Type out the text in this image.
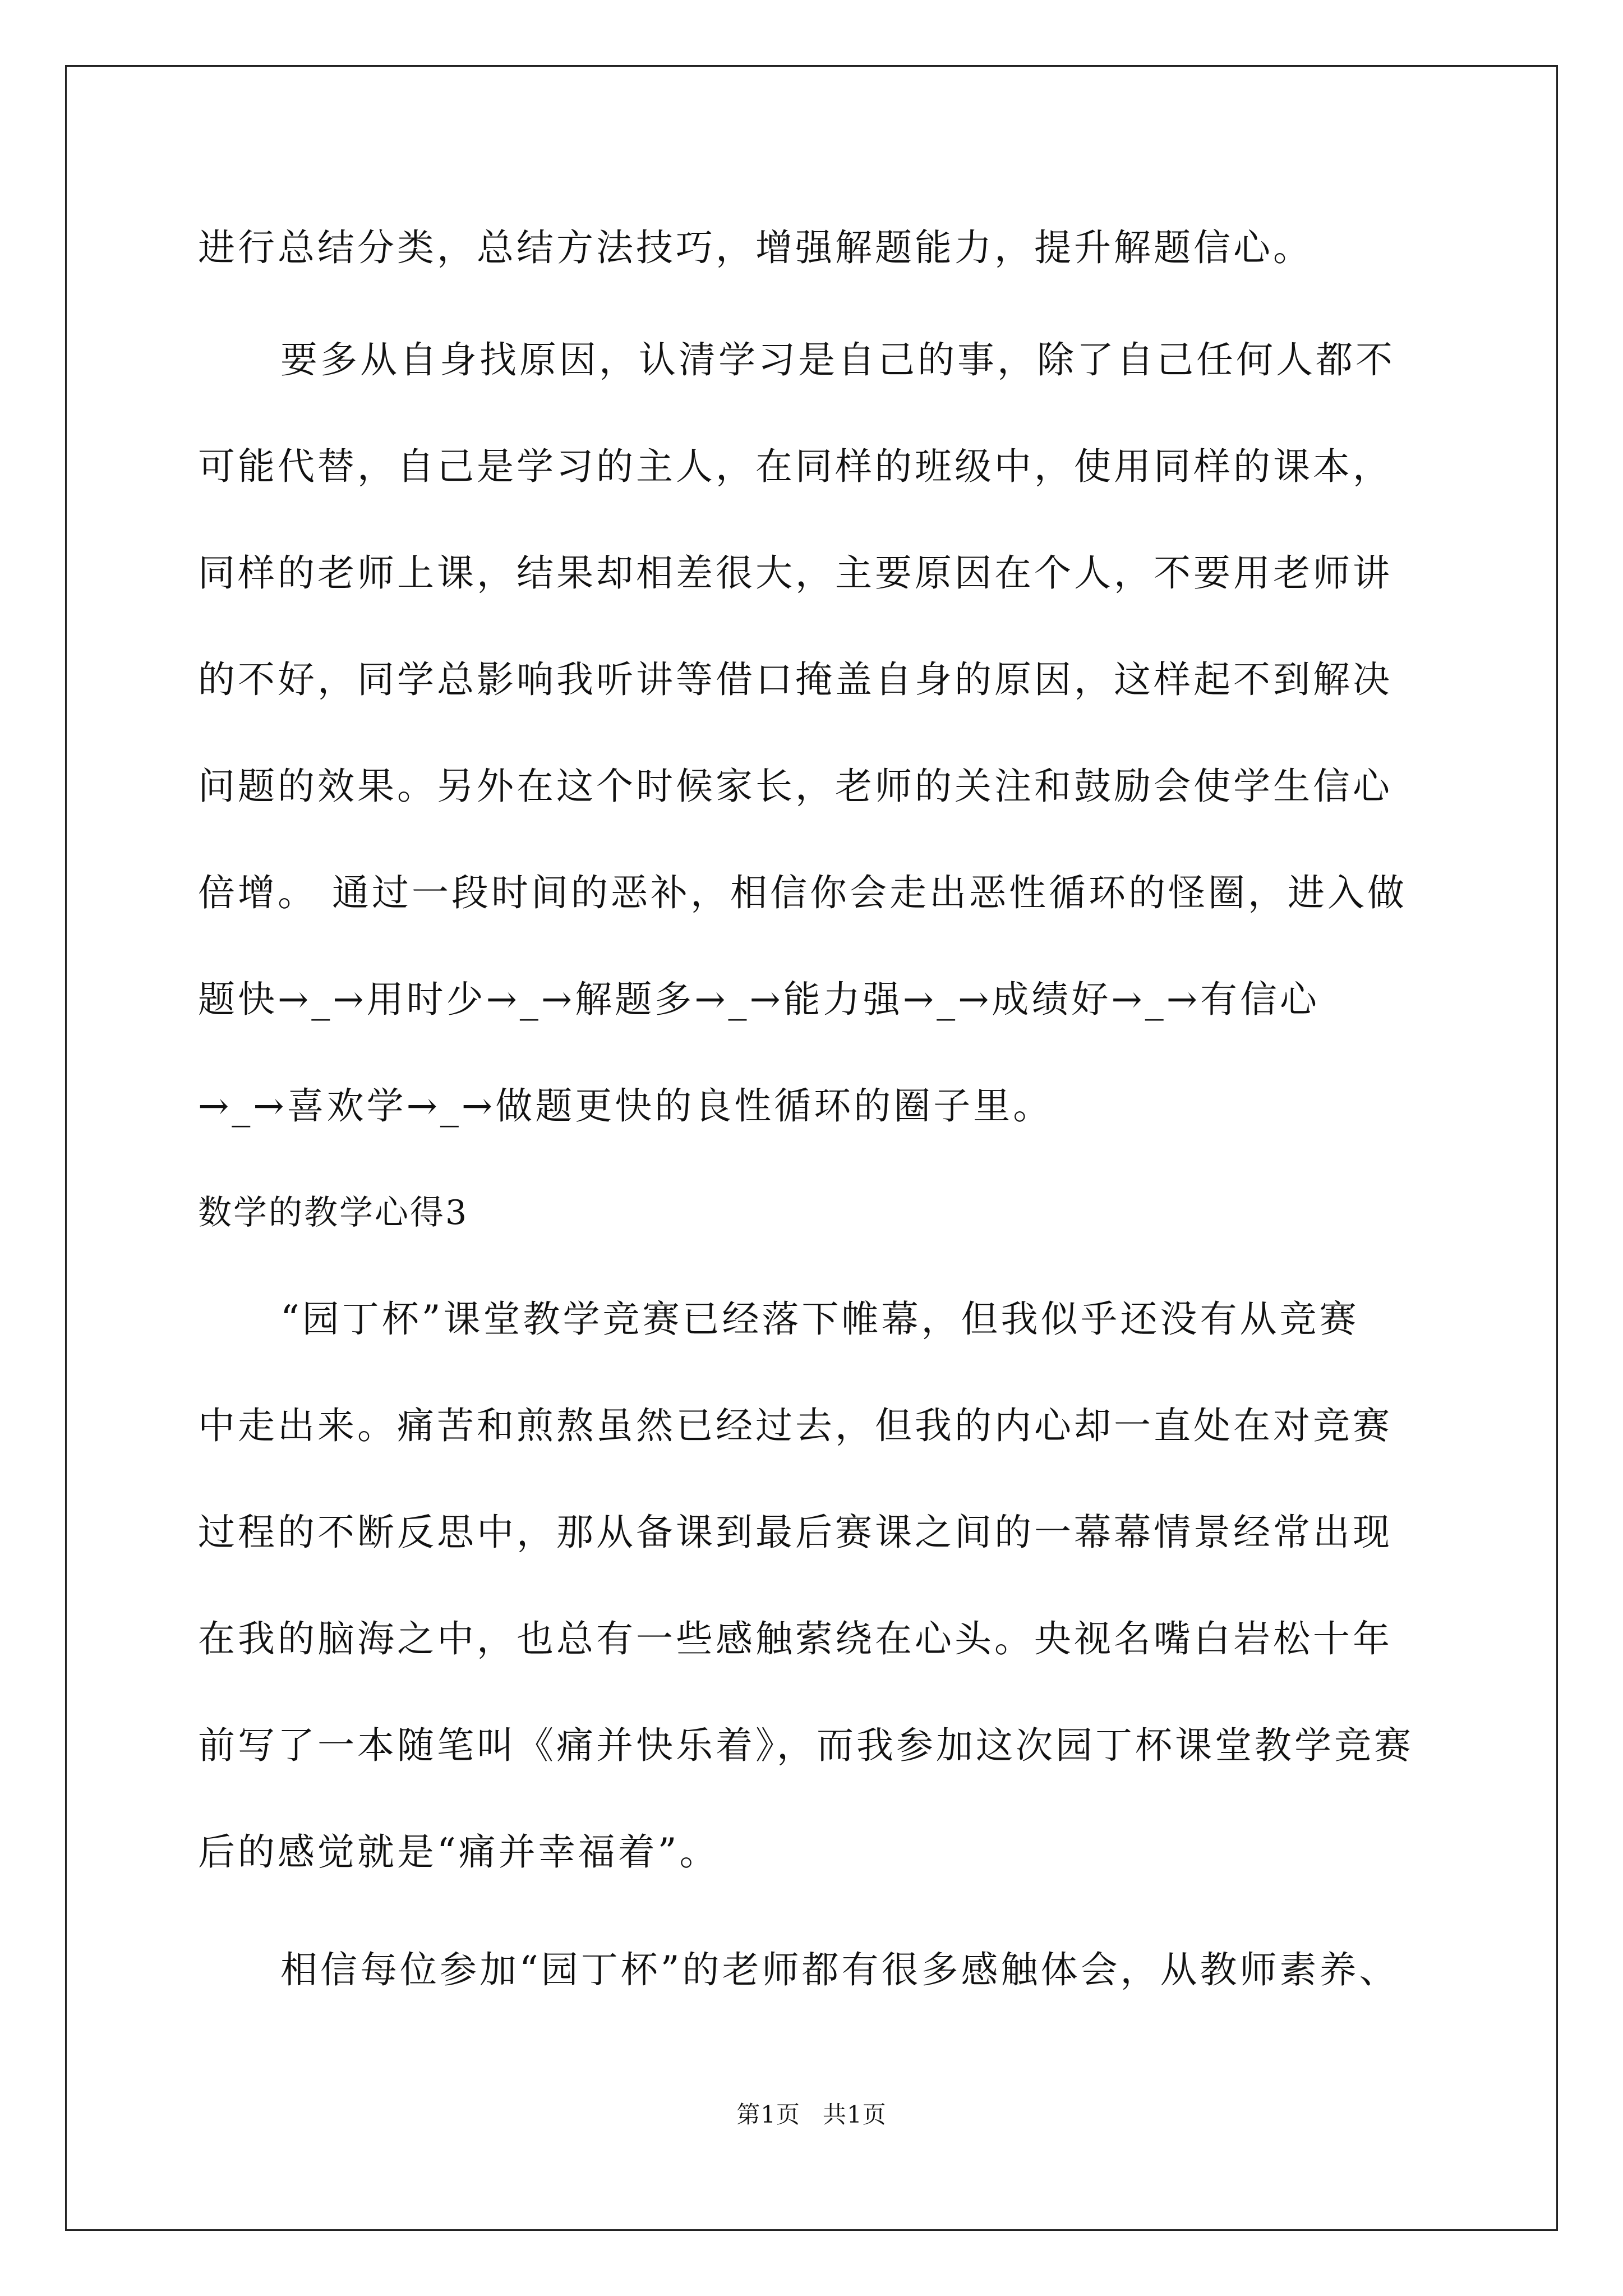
进行总结分类，总结方法技巧，增强解题能力，提升解题信心。
要多从自身找原因，认清学习是自己的事，除了自己任何人都不
可能代替，自己是学习的主人，在同样的班级中，使用同样的课本，
同样的老师上课，结果却相差很大，主要原因在个人，不要用老师讲
的不好，同学总影响我听讲等借口掩盖自身的原因，这样起不到解决
问题的效果。另外在这个时候家长，老师的关注和鼓励会使学生信心
倍增。 通过一段时间的恶补，相信你会走出恶性循环的怪圈，进入做
题快→_→用时少→_→解题多→_→能力强→_→成绩好→_→有信心
→_→喜欢学→_→做题更快的良性循环的圈子里。
数学的教学心得3
“园丁杯”课堂教学竞赛已经落下帷幕，但我似乎还没有从竞赛
中走出来。痛苦和煎熬虽然已经过去，但我的内心却一直处在对竞赛
过程的不断反思中，那从备课到最后赛课之间的一幕幕情景经常出现
在我的脑海之中，也总有一些感触萦绕在心头。央视名嘴白岩松十年
前写了一本随笔叫《痛并快乐着》，而我参加这次园丁杯课堂教学竞赛
后的感觉就是“痛并幸福着”。
相信每位参加“园丁杯”的老师都有很多感触体会，从教师素养、
第1页 共1页
